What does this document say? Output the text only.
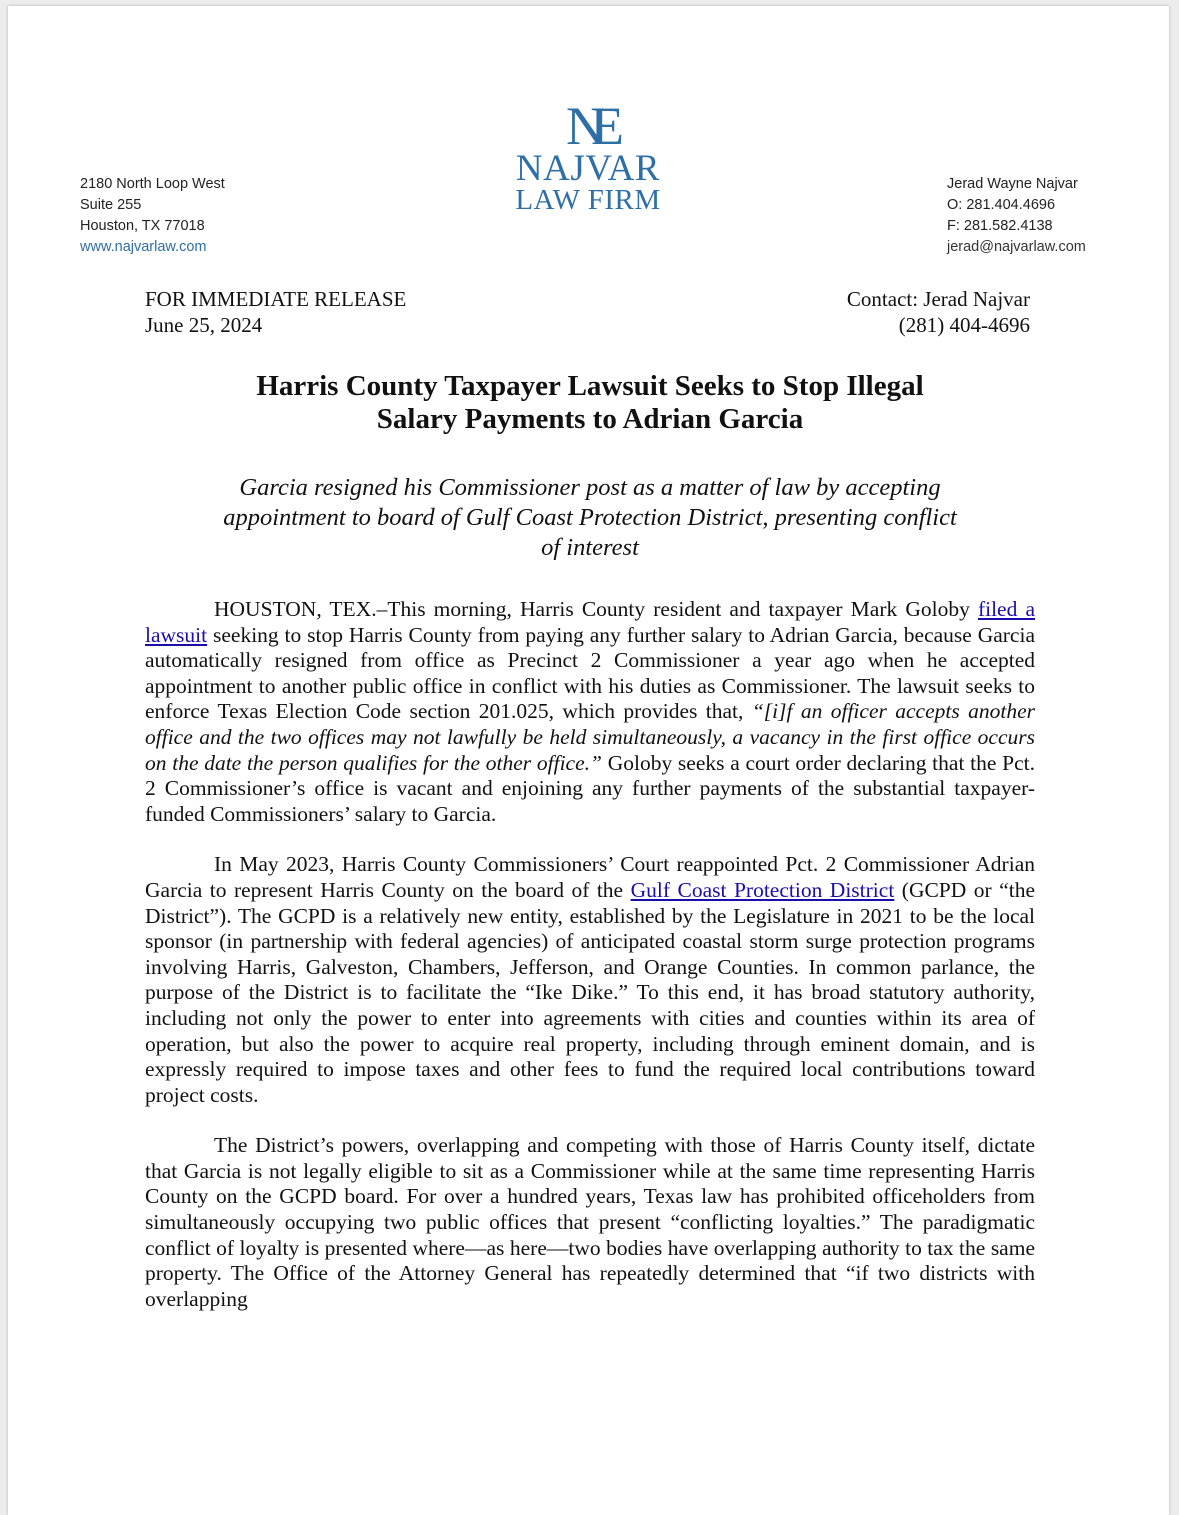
2180 North Loop West
Suite 255
Houston, TX 77018
www.najvarlaw.com
NE
NAJVAR
LAW FIRM	Jerad Wayne Najvar
O: 281.404.4696
F: 281.582.4138
jerad@najvarlaw.com
FOR IMMEDIATE RELEASE
June 25, 2024
Contact: Jerad Najvar
(281) 404-4696
Harris County Taxpayer Lawsuit Seeks to Stop Illegal
Salary Payments to Adrian Garcia
Garcia resigned his Commissioner post as a matter of law by accepting
appointment to board of Gulf Coast Protection District, presenting conflict
of interest

HOUSTON, TEX.–This morning, Harris County resident and taxpayer Mark Goloby filed a lawsuit seeking to stop Harris County from paying any further salary to Adrian Garcia, because Garcia automatically resigned from office as Precinct 2 Commissioner a year ago when he accepted appointment to another public office in conflict with his duties as Commissioner. The lawsuit seeks to enforce Texas Election Code section 201.025, which provides that, “[i]f an officer accepts another office and the two offices may not lawfully be held simultaneously, a vacancy in the first office occurs on the date the person qualifies for the other office.” Goloby seeks a court order declaring that the Pct. 2 Commissioner’s office is vacant and enjoining any further payments of the substantial taxpayer-funded Commissioners’ salary to Garcia.

In May 2023, Harris County Commissioners’ Court reappointed Pct. 2 Commissioner Adrian Garcia to represent Harris County on the board of the Gulf Coast Protection District (GCPD or “the District”). The GCPD is a relatively new entity, established by the Legislature in 2021 to be the local sponsor (in partnership with federal agencies) of anticipated coastal storm surge protection programs involving Harris, Galveston, Chambers, Jefferson, and Orange Counties. In common parlance, the purpose of the District is to facilitate the “Ike Dike.” To this end, it has broad statutory authority, including not only the power to enter into agreements with cities and counties within its area of operation, but also the power to acquire real property, including through eminent domain, and is expressly required to impose taxes and other fees to fund the required local contributions toward project costs.

The District’s powers, overlapping and competing with those of Harris County itself, dictate that Garcia is not legally eligible to sit as a Commissioner while at the same time representing Harris County on the GCPD board. For over a hundred years, Texas law has prohibited officeholders from simultaneously occupying two public offices that present “conflicting loyalties.” The paradigmatic conflict of loyalty is presented where—as here—two bodies have overlapping authority to tax the same property. The Office of the Attorney General has repeatedly determined that “if two districts with overlapping
